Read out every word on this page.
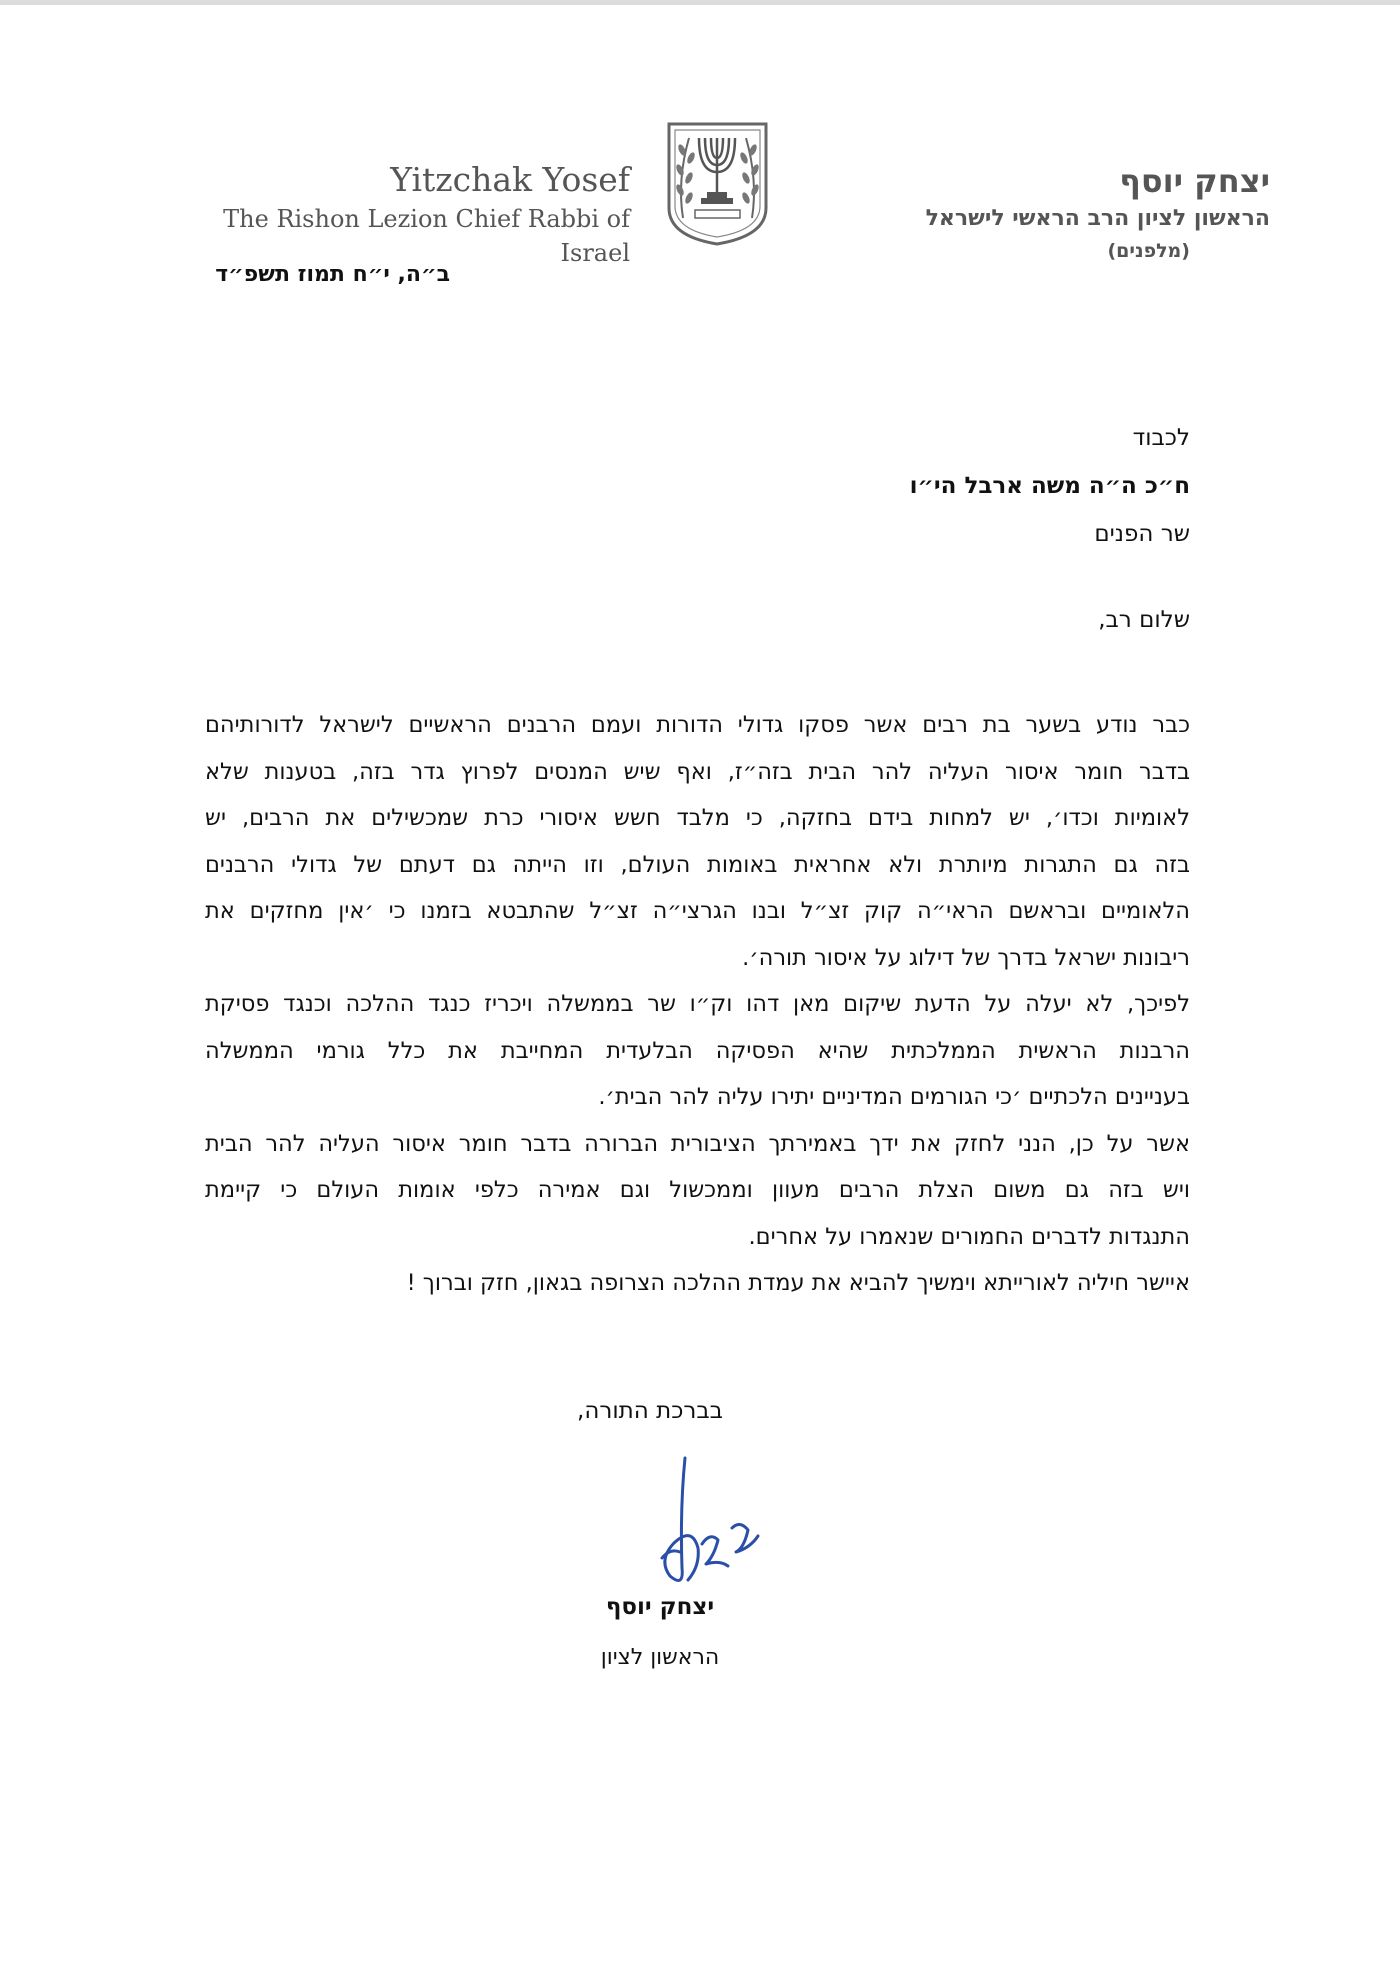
Yitzchak Yosef
The Rishon Lezion Chief Rabbi of Israel
יצחק יוסף
הראשון לציון הרב הראשי לישראל
(מלפנים)
ב״ה, י״ח תמוז תשפ״ד
לכבוד
ח״כ ה״ה משה ארבל הי״ו
שר הפנים
שלום רב,
כבר נודע בשער בת רבים אשר פסקו גדולי הדורות ועמם הרבנים הראשיים לישראל לדורותיהם
בדבר חומר איסור העליה להר הבית בזה״ז, ואף שיש המנסים לפרוץ גדר בזה, בטענות שלא
לאומיות וכדו׳, יש למחות בידם בחזקה, כי מלבד חשש איסורי כרת שמכשילים את הרבים, יש
בזה גם התגרות מיותרת ולא אחראית באומות העולם, וזו הייתה גם דעתם של גדולי הרבנים
הלאומיים ובראשם הראי״ה קוק זצ״ל ובנו הגרצי״ה זצ״ל שהתבטא בזמנו כי ׳אין מחזקים את
ריבונות ישראל בדרך של דילוג על איסור תורה׳.
לפיכך, לא יעלה על הדעת שיקום מאן דהו וק״ו שר בממשלה ויכריז כנגד ההלכה וכנגד פסיקת
הרבנות הראשית הממלכתית שהיא הפסיקה הבלעדית המחייבת את כלל גורמי הממשלה
בעניינים הלכתיים ׳כי הגורמים המדיניים יתירו עליה להר הבית׳.
אשר על כן, הנני לחזק את ידך באמירתך הציבורית הברורה בדבר חומר איסור העליה להר הבית
ויש בזה גם משום הצלת הרבים מעוון וממכשול וגם אמירה כלפי אומות העולם כי קיימת
התנגדות לדברים החמורים שנאמרו על אחרים.
איישר חיליה לאורייתא וימשיך להביא את עמדת ההלכה הצרופה בגאון, חזק וברוך !
בברכת התורה,
יצחק יוסף
הראשון לציון
